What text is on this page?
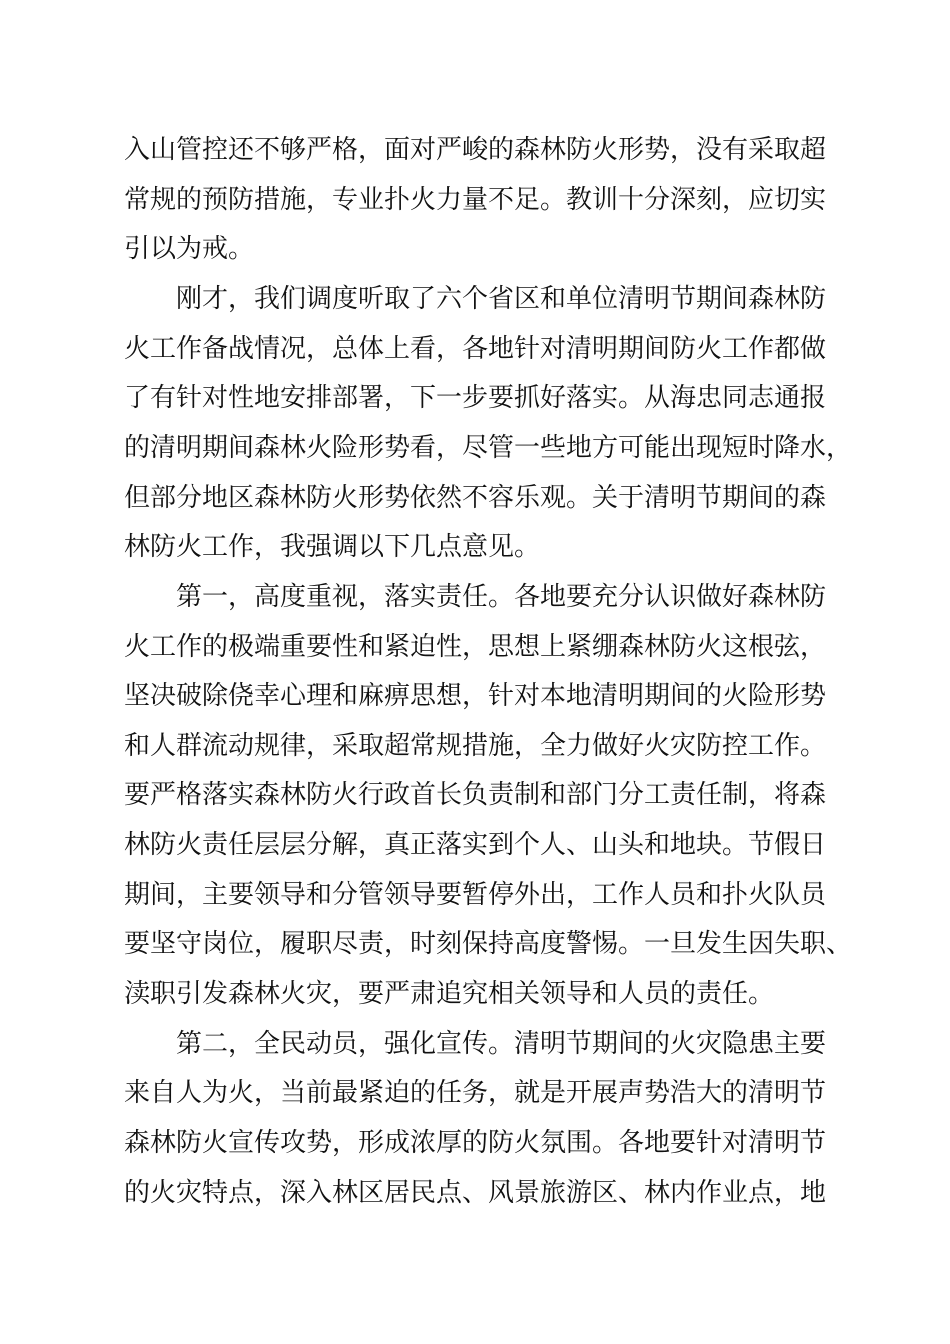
入山管控还不够严格，面对严峻的森林防火形势，没有采取超
常规的预防措施，专业扑火力量不足。教训十分深刻，应切实
引以为戒。
刚才，我们调度听取了六个省区和单位清明节期间森林防
火工作备战情况，总体上看，各地针对清明期间防火工作都做
了有针对性地安排部署，下一步要抓好落实。从海忠同志通报
的清明期间森林火险形势看，尽管一些地方可能出现短时降水，
但部分地区森林防火形势依然不容乐观。关于清明节期间的森
林防火工作，我强调以下几点意见。
第一，高度重视，落实责任。各地要充分认识做好森林防
火工作的极端重要性和紧迫性，思想上紧绷森林防火这根弦，
坚决破除侥幸心理和麻痹思想，针对本地清明期间的火险形势
和人群流动规律，采取超常规措施，全力做好火灾防控工作。
要严格落实森林防火行政首长负责制和部门分工责任制，将森
林防火责任层层分解，真正落实到个人、山头和地块。节假日
期间，主要领导和分管领导要暂停外出，工作人员和扑火队员
要坚守岗位，履职尽责，时刻保持高度警惕。一旦发生因失职、
渎职引发森林火灾，要严肃追究相关领导和人员的责任。
第二，全民动员，强化宣传。清明节期间的火灾隐患主要
来自人为火，当前最紧迫的任务，就是开展声势浩大的清明节
森林防火宣传攻势，形成浓厚的防火氛围。各地要针对清明节
的火灾特点，深入林区居民点、风景旅游区、林内作业点，地
